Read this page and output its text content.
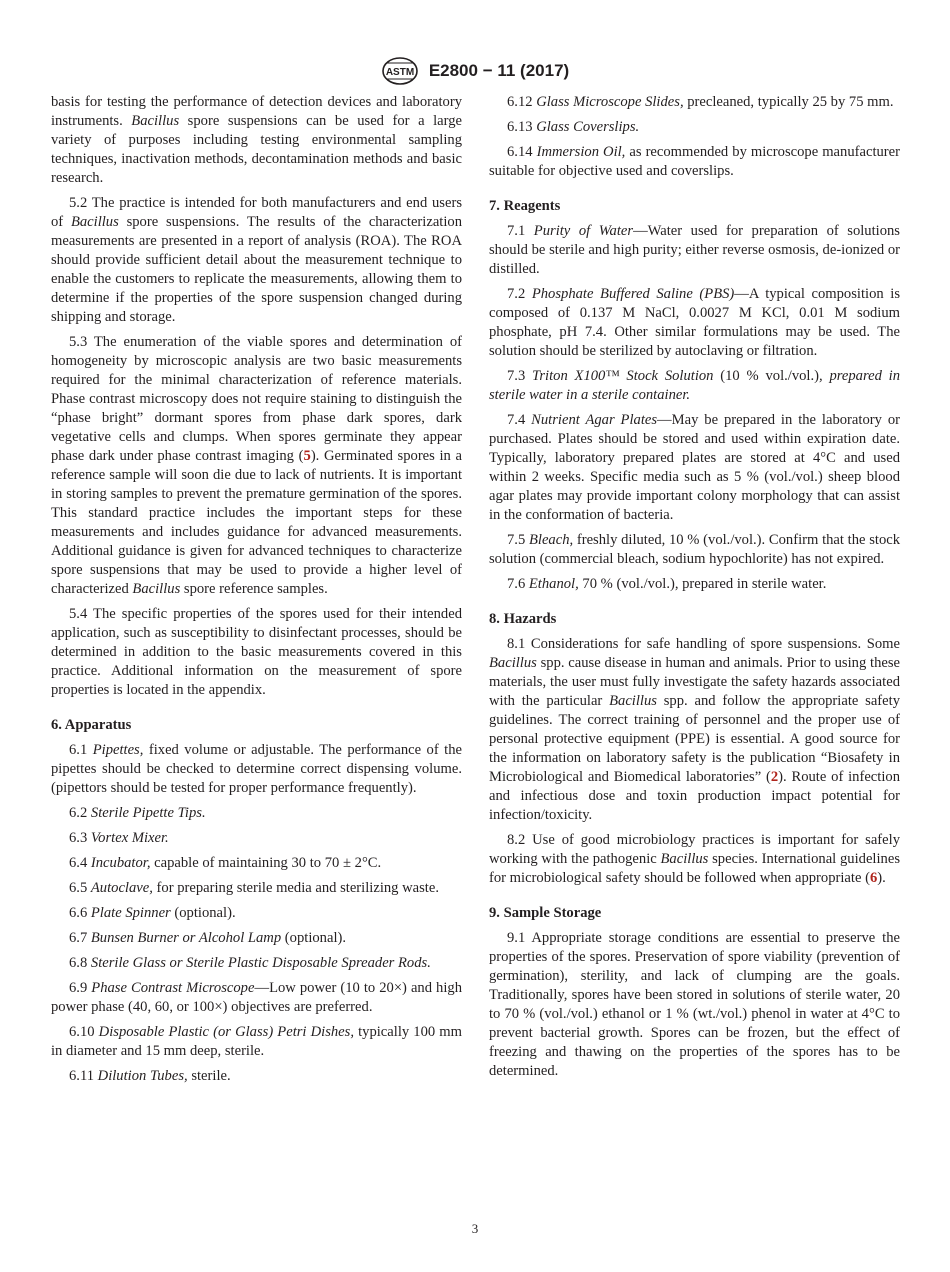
ASTM E2800 − 11 (2017)

basis for testing the performance of detection devices and laboratory instruments. Bacillus spore suspensions can be used for a large variety of purposes including testing environmental sampling techniques, inactivation methods, decontamination methods and basic research.

5.2 The practice is intended for both manufacturers and end users of Bacillus spore suspensions. The results of the characterization measurements are presented in a report of analysis (ROA). The ROA should provide sufficient detail about the measurement technique to enable the customers to replicate the measurements, allowing them to determine if the properties of the spore suspension changed during shipping and storage.

5.3 The enumeration of the viable spores and determination of homogeneity by microscopic analysis are two basic measurements required for the minimal characterization of reference materials. Phase contrast microscopy does not require staining to distinguish the “phase bright” dormant spores from phase dark spores, dark vegetative cells and clumps. When spores germinate they appear phase dark under phase contrast imaging (5). Germinated spores in a reference sample will soon die due to lack of nutrients. It is important in storing samples to prevent the premature germination of the spores. This standard practice includes the important steps for these measurements and includes guidance for advanced measurements. Additional guidance is given for advanced techniques to characterize spore suspensions that may be used to provide a higher level of characterized Bacillus spore reference samples.

5.4 The specific properties of the spores used for their intended application, such as susceptibility to disinfectant processes, should be determined in addition to the basic measurements covered in this practice. Additional information on the measurement of spore properties is located in the appendix.

6. Apparatus

6.1 Pipettes, fixed volume or adjustable. The performance of the pipettes should be checked to determine correct dispensing volume. (pipettors should be tested for proper performance frequently).

6.2 Sterile Pipette Tips.

6.3 Vortex Mixer.

6.4 Incubator, capable of maintaining 30 to 70 ± 2°C.

6.5 Autoclave, for preparing sterile media and sterilizing waste.

6.6 Plate Spinner (optional).

6.7 Bunsen Burner or Alcohol Lamp (optional).

6.8 Sterile Glass or Sterile Plastic Disposable Spreader Rods.

6.9 Phase Contrast Microscope—Low power (10 to 20×) and high power phase (40, 60, or 100×) objectives are preferred.

6.10 Disposable Plastic (or Glass) Petri Dishes, typically 100 mm in diameter and 15 mm deep, sterile.

6.11 Dilution Tubes, sterile.

6.12 Glass Microscope Slides, precleaned, typically 25 by 75 mm.

6.13 Glass Coverslips.

6.14 Immersion Oil, as recommended by microscope manufacturer suitable for objective used and coverslips.

7. Reagents

7.1 Purity of Water—Water used for preparation of solutions should be sterile and high purity; either reverse osmosis, de-ionized or distilled.

7.2 Phosphate Buffered Saline (PBS)—A typical composition is composed of 0.137 M NaCl, 0.0027 M KCl, 0.01 M sodium phosphate, pH 7.4. Other similar formulations may be used. The solution should be sterilized by autoclaving or filtration.

7.3 Triton X100™ Stock Solution (10 % vol./vol.), prepared in sterile water in a sterile container.

7.4 Nutrient Agar Plates—May be prepared in the laboratory or purchased. Plates should be stored and used within expiration date. Typically, laboratory prepared plates are stored at 4°C and used within 2 weeks. Specific media such as 5 % (vol./vol.) sheep blood agar plates may provide important colony morphology that can assist in the conformation of bacteria.

7.5 Bleach, freshly diluted, 10 % (vol./vol.). Confirm that the stock solution (commercial bleach, sodium hypochlorite) has not expired.

7.6 Ethanol, 70 % (vol./vol.), prepared in sterile water.

8. Hazards

8.1 Considerations for safe handling of spore suspensions. Some Bacillus spp. cause disease in human and animals. Prior to using these materials, the user must fully investigate the safety hazards associated with the particular Bacillus spp. and follow the appropriate safety guidelines. The correct training of personnel and the proper use of personal protective equipment (PPE) is essential. A good source for the information on laboratory safety is the publication “Biosafety in Microbiological and Biomedical laboratories” (2). Route of infection and infectious dose and toxin production impact potential for infection/toxicity.

8.2 Use of good microbiology practices is important for safely working with the pathogenic Bacillus species. International guidelines for microbiological safety should be followed when appropriate (6).

9. Sample Storage

9.1 Appropriate storage conditions are essential to preserve the properties of the spores. Preservation of spore viability (prevention of germination), sterility, and lack of clumping are the goals. Traditionally, spores have been stored in solutions of sterile water, 20 to 70 % (vol./vol.) ethanol or 1 % (wt./vol.) phenol in water at 4°C to prevent bacterial growth. Spores can be frozen, but the effect of freezing and thawing on the properties of the spores has to be determined.

3
